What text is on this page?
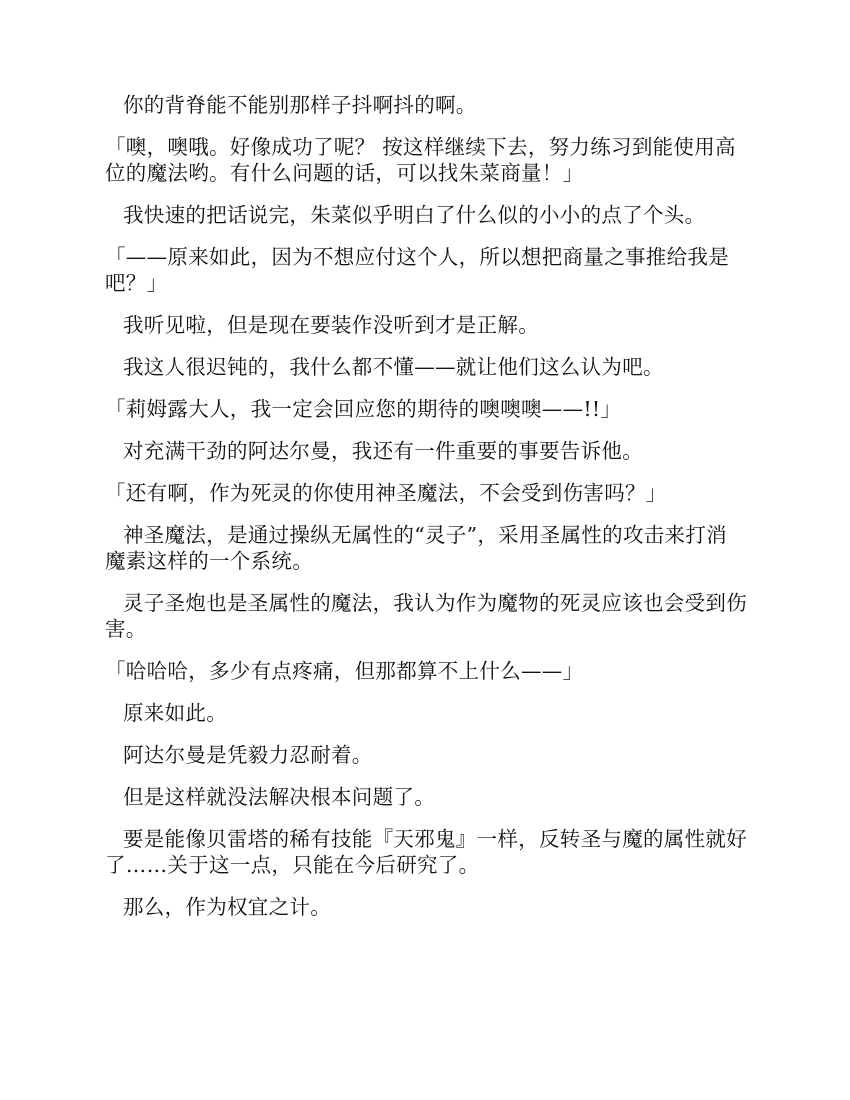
你的背脊能不能别那样子抖啊抖的啊。

「噢，噢哦。好像成功了呢？ 按这样继续下去，努力练习到能使用高位的魔法哟。有什么问题的话，可以找朱菜商量！」

我快速的把话说完，朱菜似乎明白了什么似的小小的点了个头。

「——原来如此，因为不想应付这个人，所以想把商量之事推给我是吧？」

我听见啦，但是现在要装作没听到才是正解。

我这人很迟钝的，我什么都不懂——就让他们这么认为吧。

「莉姆露大人，我一定会回应您的期待的噢噢噢——!!」

对充满干劲的阿达尔曼，我还有一件重要的事要告诉他。

「还有啊，作为死灵的你使用神圣魔法，不会受到伤害吗？」

神圣魔法，是通过操纵无属性的“灵子”，采用圣属性的攻击来打消魔素这样的一个系统。

灵子圣炮也是圣属性的魔法，我认为作为魔物的死灵应该也会受到伤害。

「哈哈哈，多少有点疼痛，但那都算不上什么——」

原来如此。

阿达尔曼是凭毅力忍耐着。

但是这样就没法解决根本问题了。

要是能像贝雷塔的稀有技能『天邪鬼』一样，反转圣与魔的属性就好了……关于这一点，只能在今后研究了。

那么，作为权宜之计。
